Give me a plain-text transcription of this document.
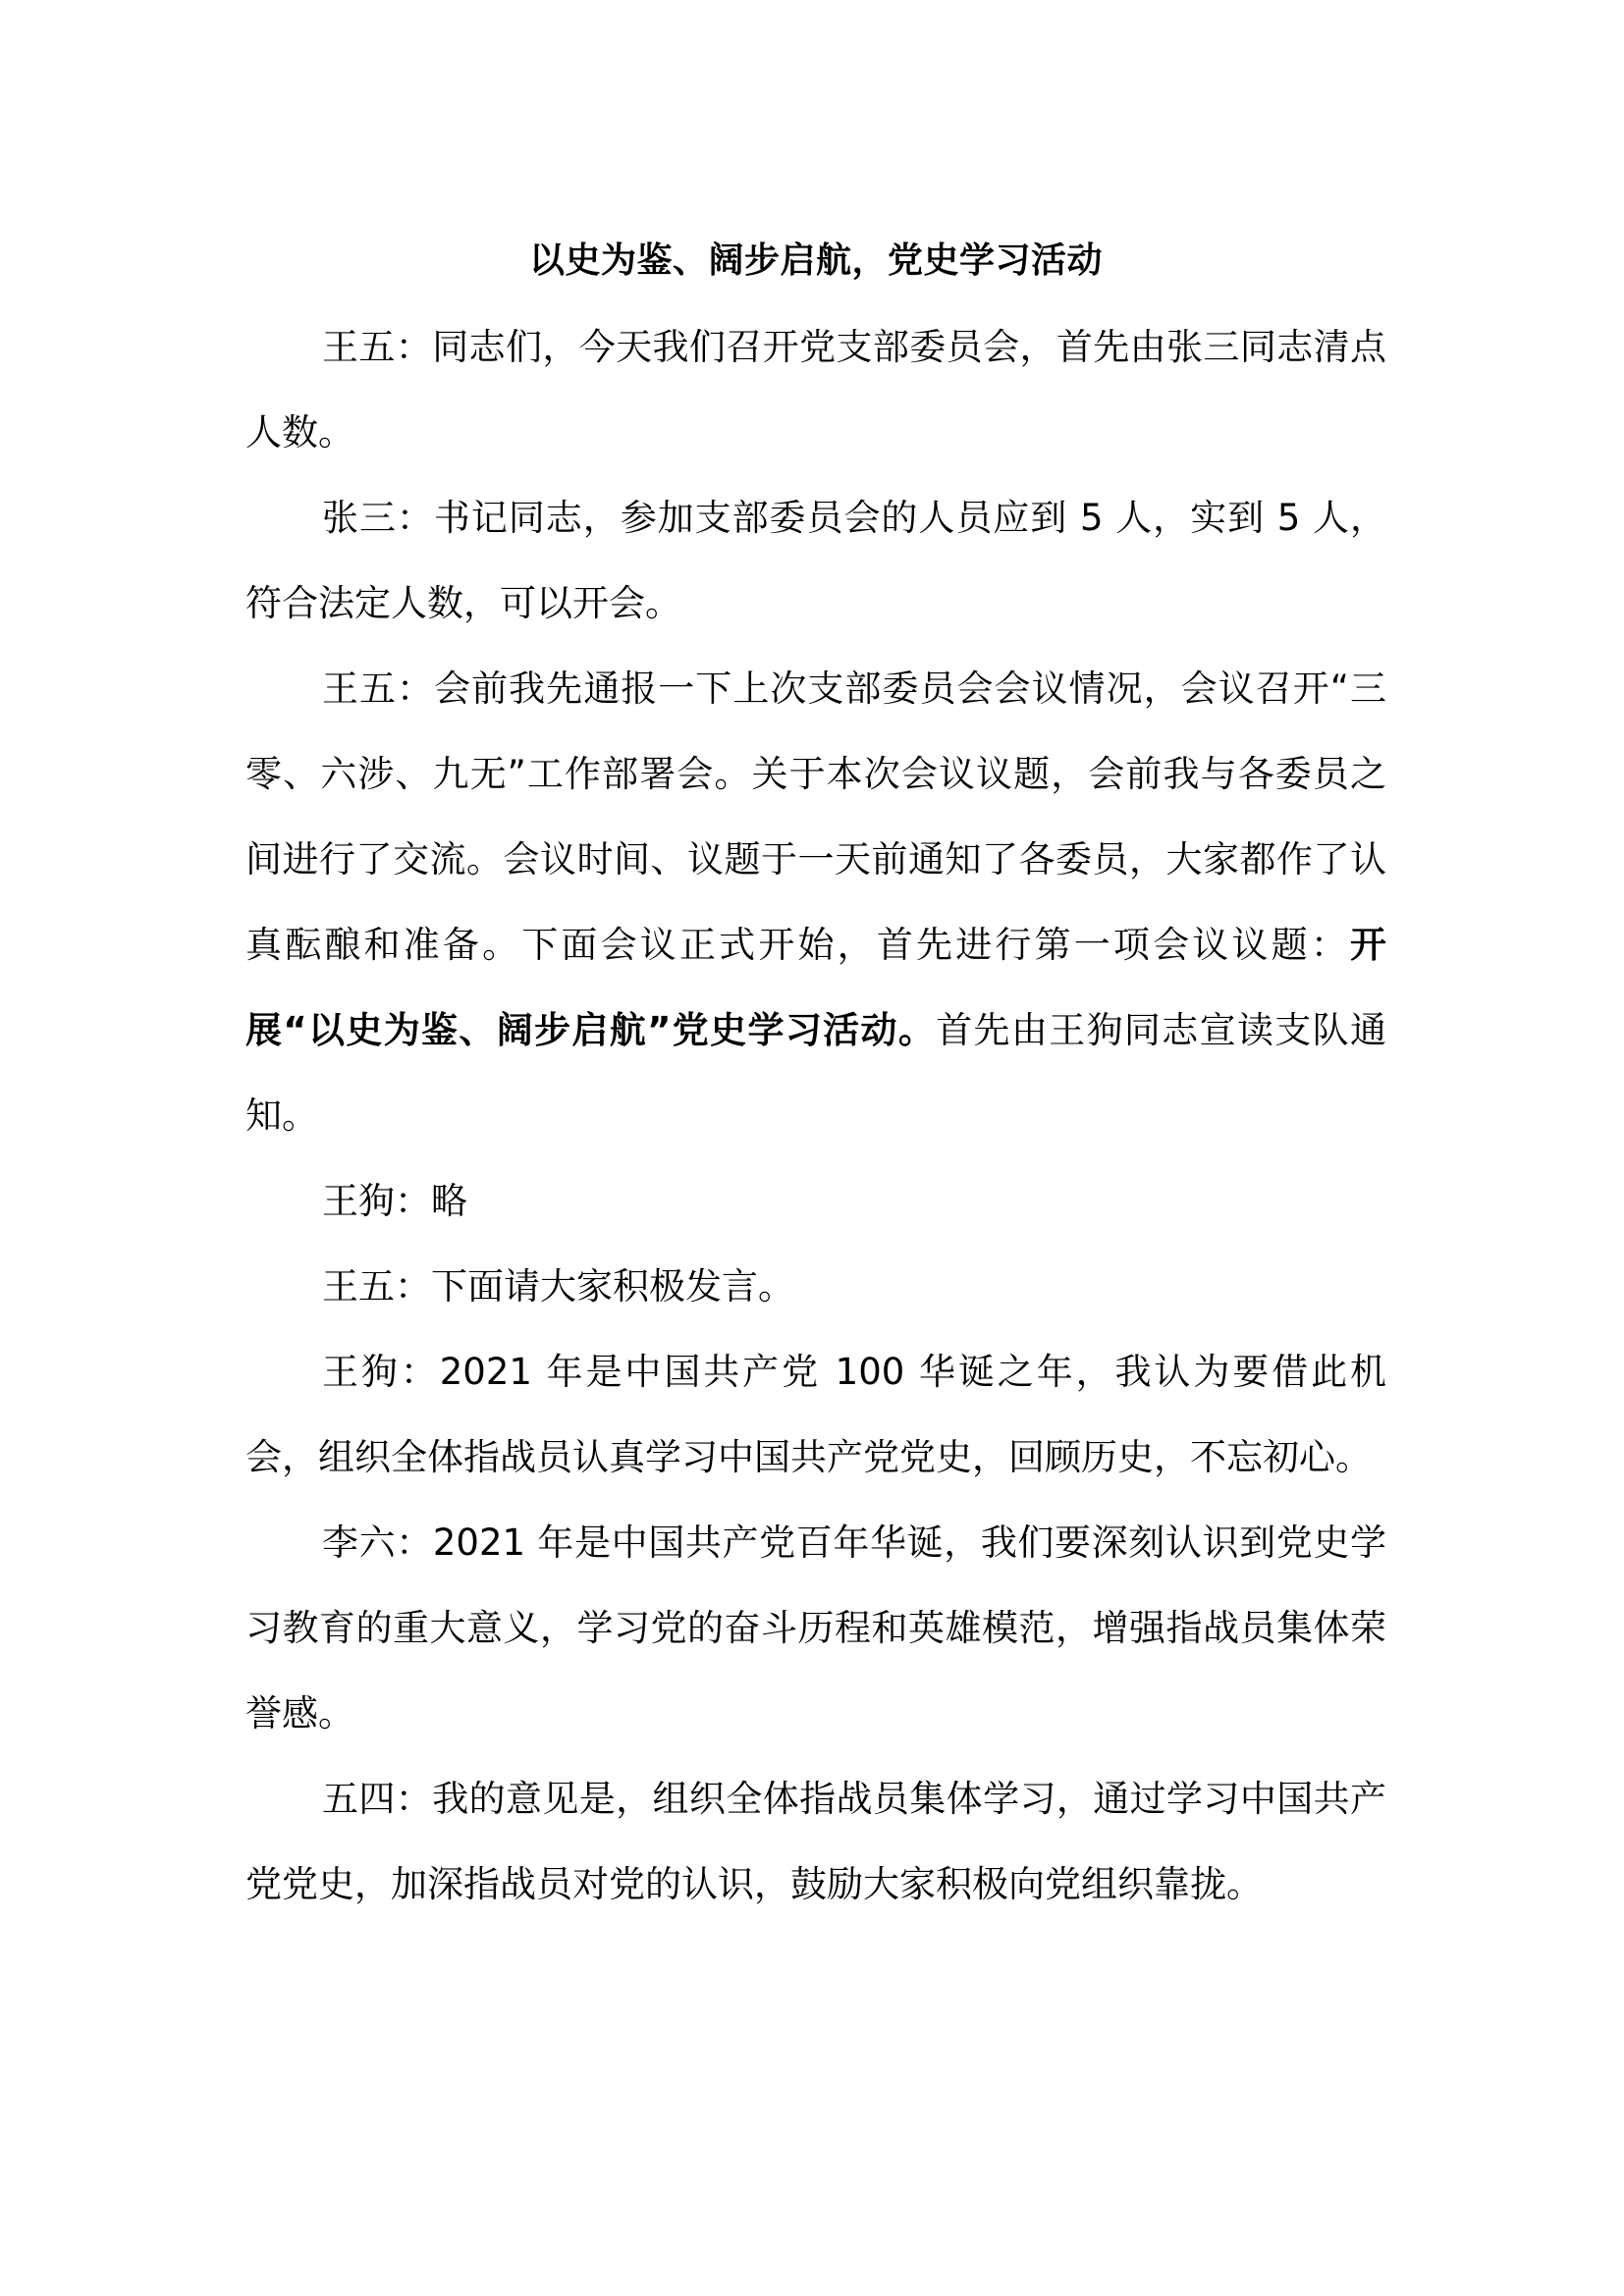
以史为鉴、阔步启航，党史学习活动

王五：同志们，今天我们召开党支部委员会，首先由张三同志清点人数。

张三：书记同志，参加支部委员会的人员应到 5 人，实到 5 人，符合法定人数，可以开会。

王五：会前我先通报一下上次支部委员会会议情况，会议召开“三零、六涉、九无”工作部署会。关于本次会议议题，会前我与各委员之间进行了交流。会议时间、议题于一天前通知了各委员，大家都作了认真酝酿和准备。下面会议正式开始，首先进行第一项会议议题：开展“以史为鉴、阔步启航”党史学习活动。首先由王狗同志宣读支队通知。

王狗：略

王五：下面请大家积极发言。

王狗：2021 年是中国共产党 100 华诞之年，我认为要借此机会，组织全体指战员认真学习中国共产党党史，回顾历史，不忘初心。

李六：2021 年是中国共产党百年华诞，我们要深刻认识到党史学习教育的重大意义，学习党的奋斗历程和英雄模范，增强指战员集体荣誉感。

五四：我的意见是，组织全体指战员集体学习，通过学习中国共产党党史，加深指战员对党的认识，鼓励大家积极向党组织靠拢。
